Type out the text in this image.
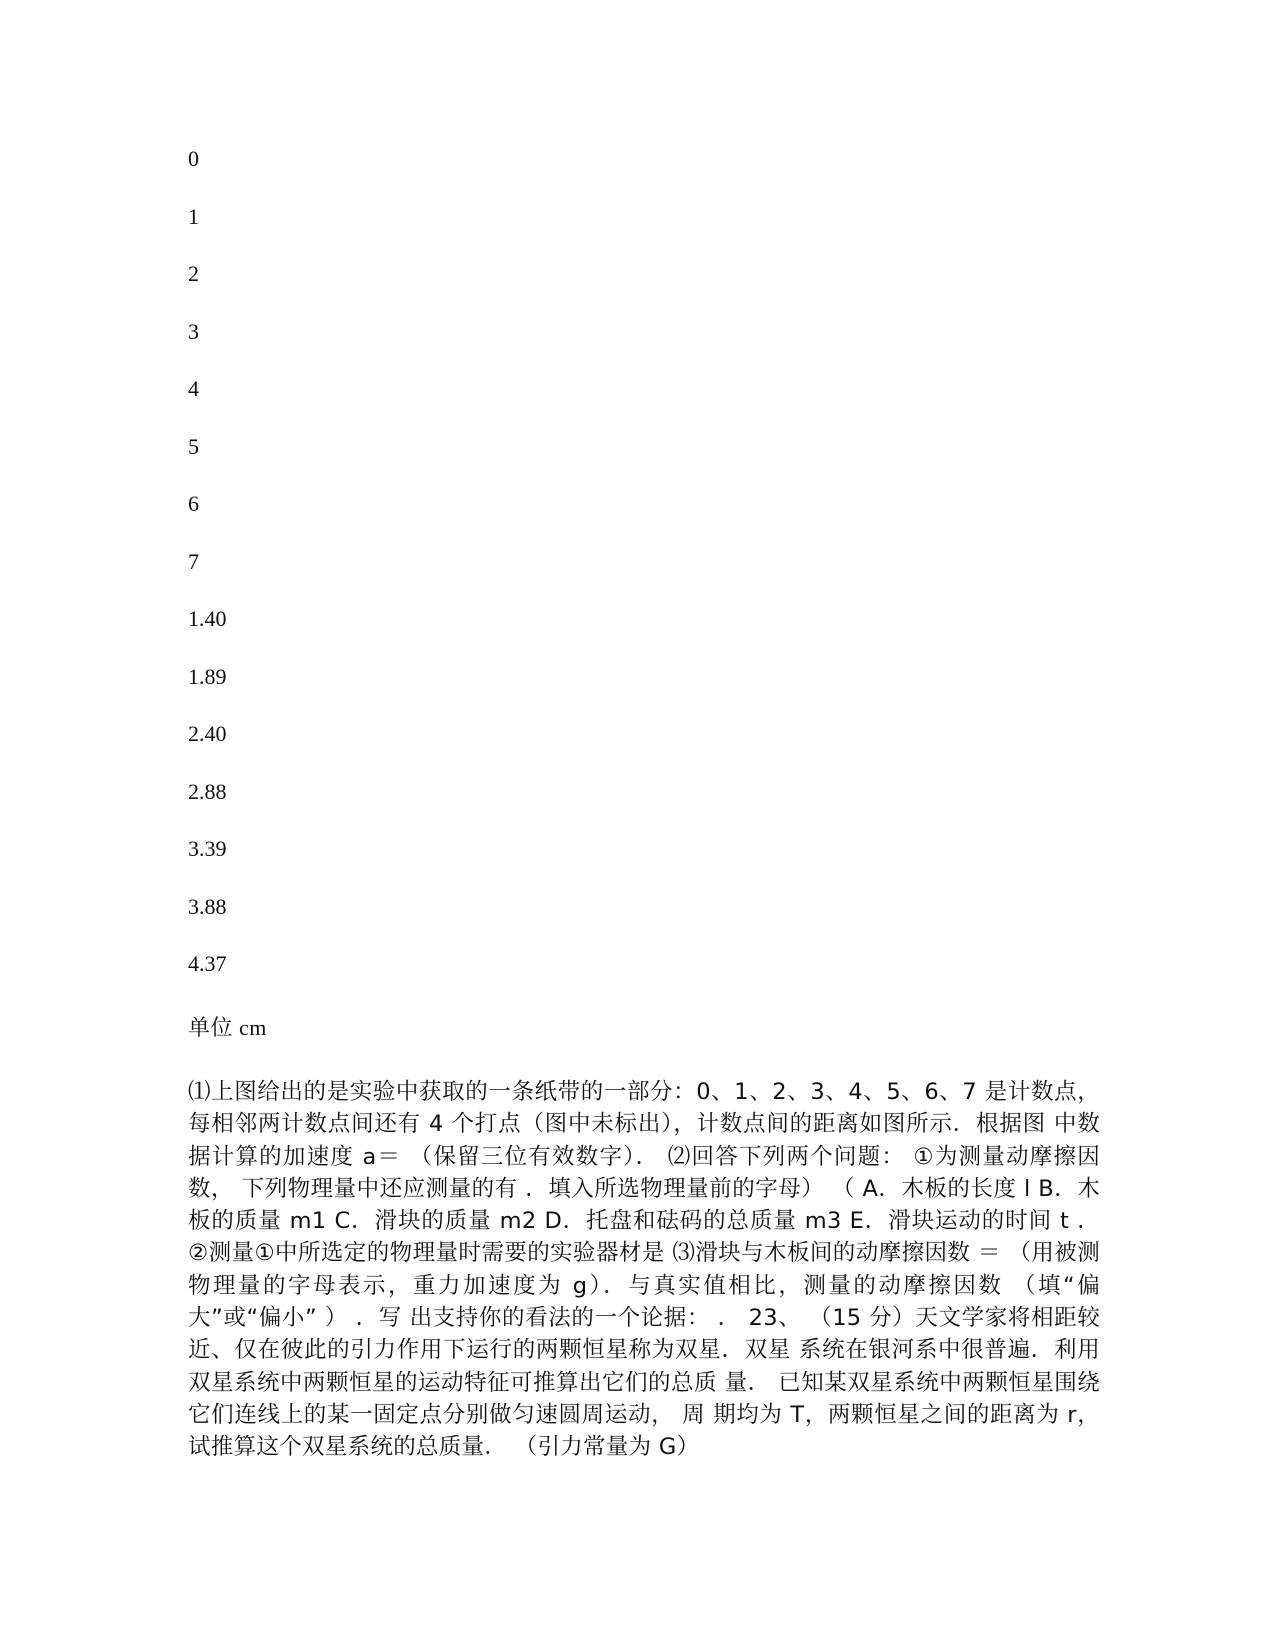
0
1
2
3
4
5
6
7
1.40
1.89
2.40
2.88
3.39
3.88
4.37
单位 cm
⑴上图给出的是实验中获取的一条纸带的一部分：0、1、2、3、4、5、6、7 是计数点， 每相邻两计数点间还有 4 个打点（图中未标出），计数点间的距离如图所示．根据图 中数据计算的加速度 a＝ （保留三位有效数字）． ⑵回答下列两个问题： ①为测量动摩擦因数， 下列物理量中还应测量的有 ．填入所选物理量前的字母） （ A．木板的长度 l B．木板的质量 m1 C．滑块的质量 m2 D．托盘和砝码的总质量 m3 E．滑块运动的时间 t ． ②测量①中所选定的物理量时需要的实验器材是 ⑶滑块与木板间的动摩擦因数 ＝ （用被测物理量的字母表示，重力加速度为 g）．与真实值相比，测量的动摩擦因数 （填“偏大”或“偏小” ） ．写 出支持你的看法的一个论据： ． 23、 （15 分）天文学家将相距较近、仅在彼此的引力作用下运行的两颗恒星称为双星．双星 系统在银河系中很普遍．利用双星系统中两颗恒星的运动特征可推算出它们的总质 量． 已知某双星系统中两颗恒星围绕它们连线上的某一固定点分别做匀速圆周运动， 周 期均为 T，两颗恒星之间的距离为 r，试推算这个双星系统的总质量． （引力常量为 G）
